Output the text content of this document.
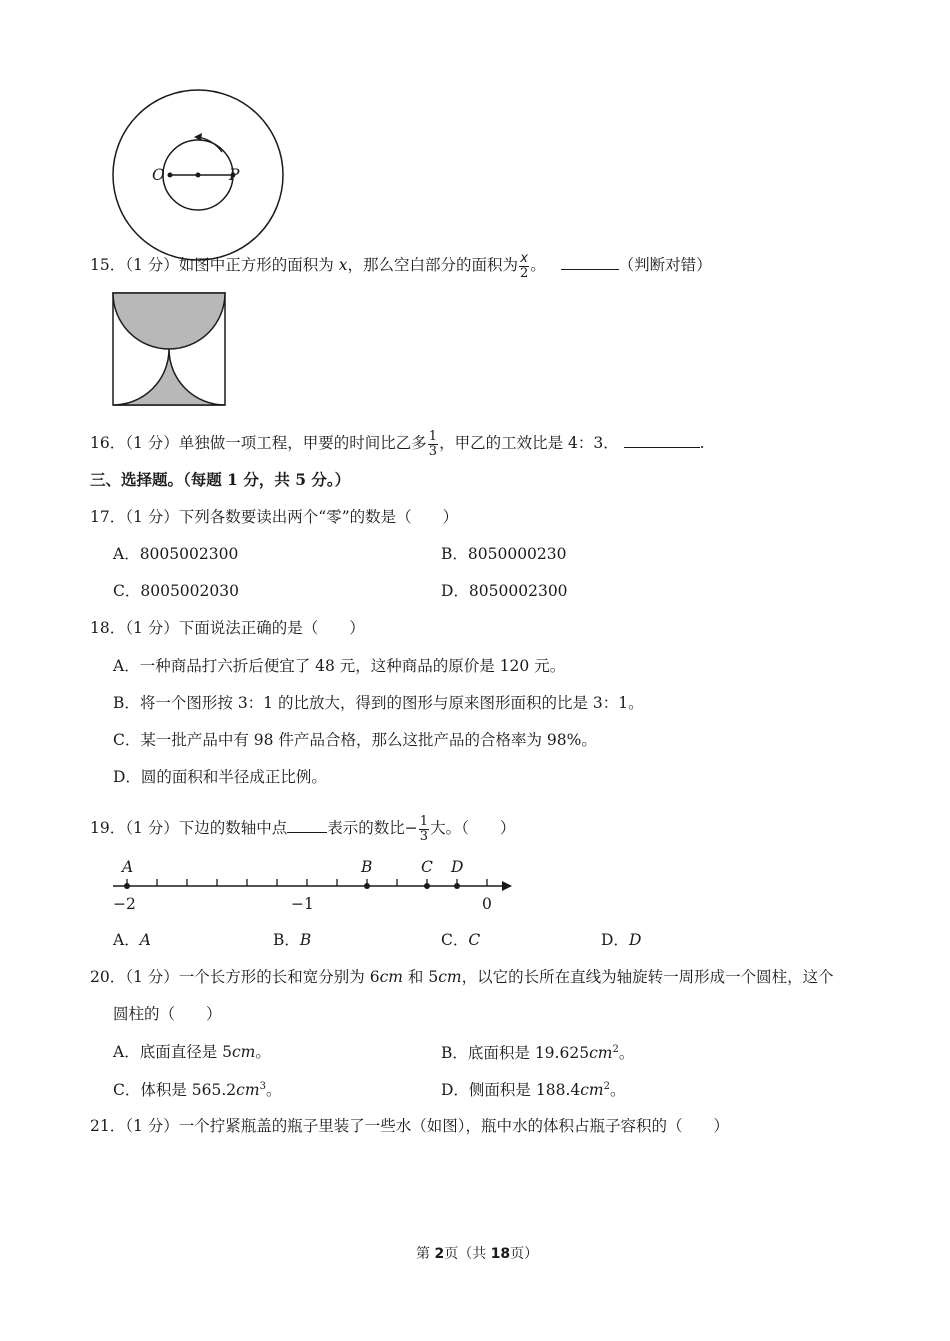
O	P
15．（1 分）如图中正方形的面积为 x，那么空白部分的面积为 $\frac{x}{2}$ 。	（判断对错）
16．（1 分）单独做一项工程，甲要的时间比乙多 $\frac{1}{3}$ ，甲乙的工效比是 4：3．	.
三、选择题。（每题 1 分，共 5 分。）
17．（1 分）下列各数要读出两个“零”的数是（　　）
A．8005002300	B．8050000230
C．8005002030	D．8050002300
18．（1 分）下面说法正确的是（　　）
A．一种商品打六折后便宜了 48 元，这种商品的原价是 120 元。
B．将一个图形按 3：1 的比放大，得到的图形与原来图形面积的比是 3：1。
C．某一批产品中有 98 件产品合格，那么这批产品的合格率为 98%。
D．圆的面积和半径成正比例。
19．（1 分）下边的数轴中点	表示的数比− $\frac{1}{3}$ 大。（　　）
A	B	C D
−2	−1	0
A．A	B．B	C．C	D．D
20．（1 分）一个长方形的长和宽分别为 6cm 和 5cm，以它的长所在直线为轴旋转一周形成一个圆柱，这个
圆柱的（　　）
A．底面直径是 5cm。	B．底面积是 $19.625cm^2$。
C．体积是 $565.2cm^3$。	D．侧面积是 $188.4cm^2$。
21．（1 分）一个拧紧瓶盖的瓶子里装了一些水（如图），瓶中水的体积占瓶子容积的（　　）
第 2页（共 18页）
